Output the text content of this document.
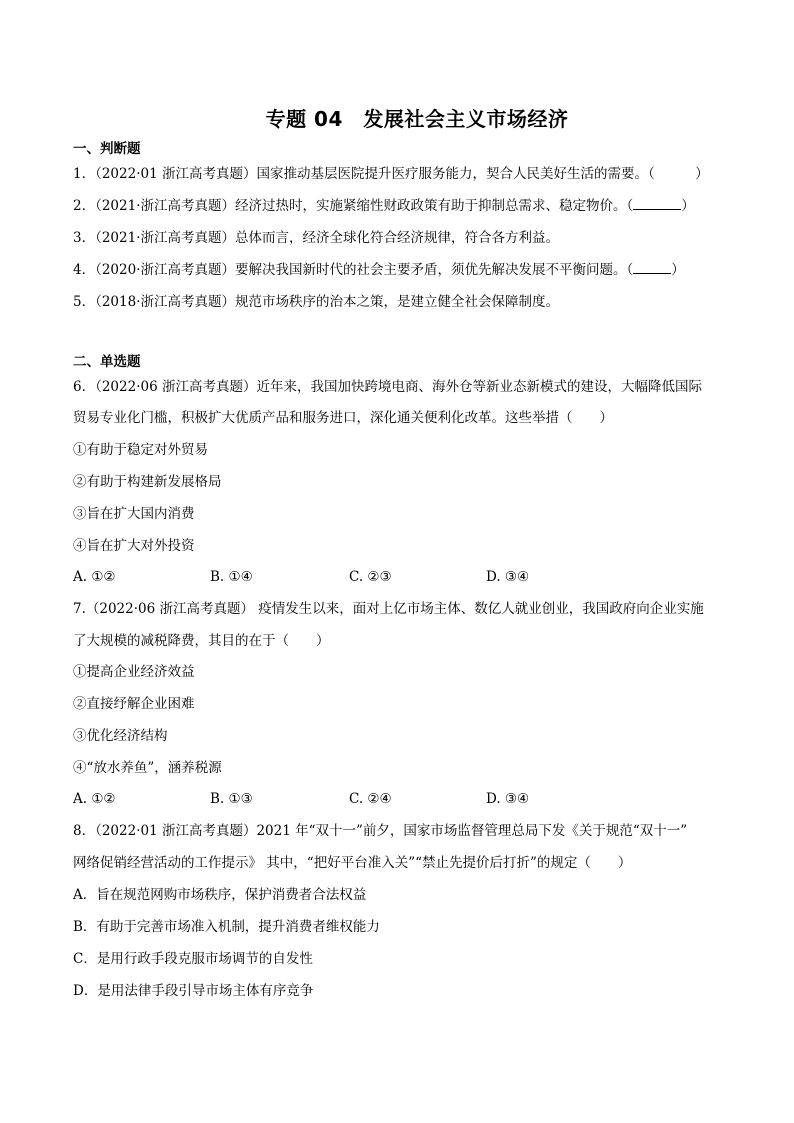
专题 04　发展社会主义市场经济
一、判断题
1．（2022·01 浙江高考真题）国家推动基层医院提升医疗服务能力，契合人民美好生活的需要。（　　　）
2．（2021·浙江高考真题）经济过热时，实施紧缩性财政政策有助于抑制总需求、稳定物价。（	）
3．（2021·浙江高考真题）总体而言，经济全球化符合经济规律，符合各方利益。
4．（2020·浙江高考真题）要解决我国新时代的社会主要矛盾，须优先解决发展不平衡问题。（	）
5．（2018·浙江高考真题）规范市场秩序的治本之策，是建立健全社会保障制度。
二、单选题
6．（2022·06 浙江高考真题）近年来，我国加快跨境电商、海外仓等新业态新模式的建设，大幅降低国际
贸易专业化门槛，积极扩大优质产品和服务进口，深化通关便利化改革。这些举措（　　）
①有助于稳定对外贸易
②有助于构建新发展格局
③旨在扩大国内消费
④旨在扩大对外投资
A. ①②	B. ①④	C. ②③	D. ③④
7.（2022·06 浙江高考真题） 疫情发生以来，面对上亿市场主体、数亿人就业创业，我国政府向企业实施
了大规模的减税降费，其目的在于（　　）
①提高企业经济效益
②直接纾解企业困难
③优化经济结构
④“放水养鱼”，涵养税源
A. ①②	B. ①③	C. ②④	D. ③④
8．（2022·01 浙江高考真题）2021 年“双十一”前夕，国家市场监督管理总局下发《关于规范“双十一”
网络促销经营活动的工作提示》 其中，“把好平台准入关”“禁止先提价后打折”的规定（　　）
A．旨在规范网购市场秩序，保护消费者合法权益
B．有助于完善市场准入机制，提升消费者维权能力
C．是用行政手段克服市场调节的自发性
D．是用法律手段引导市场主体有序竞争
